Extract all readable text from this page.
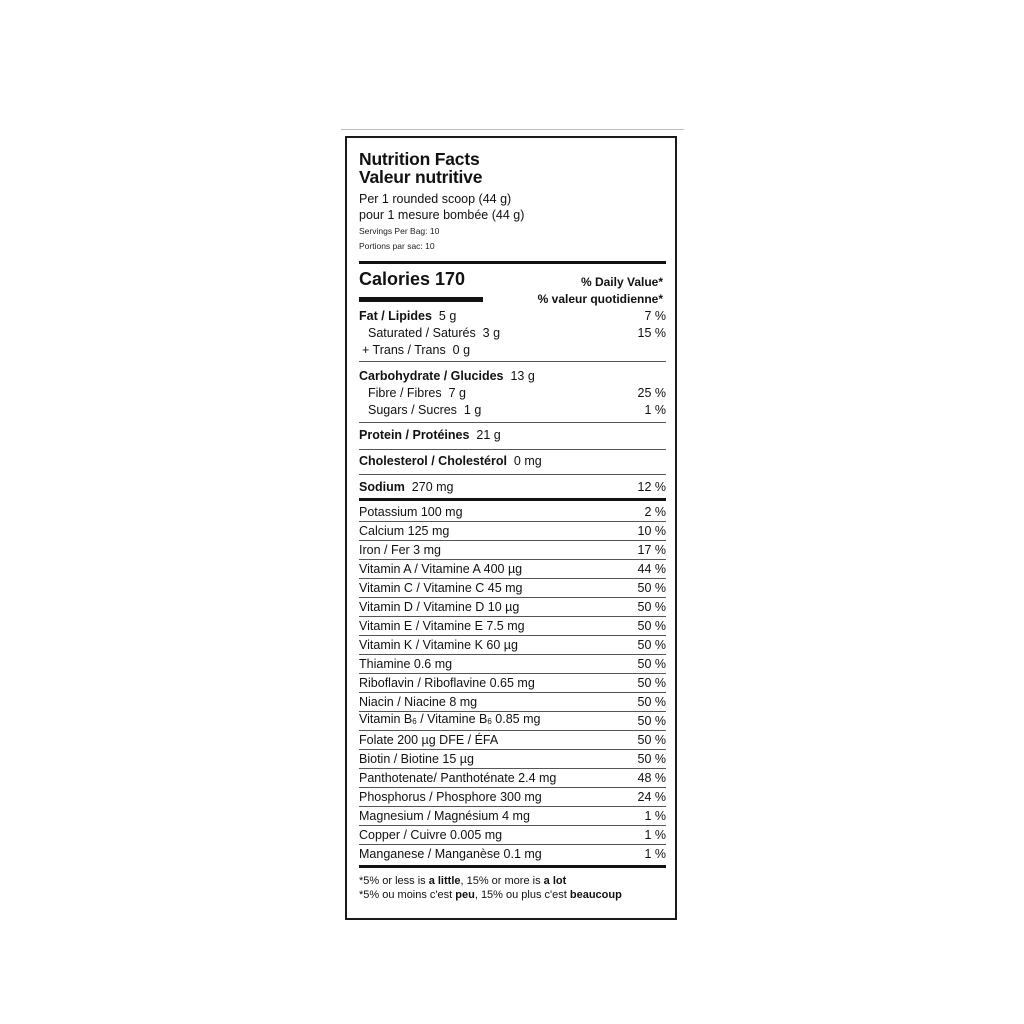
Nutrition Facts
Valeur nutritive
Per 1 rounded scoop (44 g)
pour 1 mesure bombée (44 g)
Servings Per Bag: 10
Portions par sac: 10
Calories 170	% Daily Value*
% valeur quotidienne*
Fat / Lipides 5 g	7 %
Saturated / Saturés 3 g	15 %
+ Trans / Trans 0 g
Carbohydrate / Glucides 13 g
Fibre / Fibres 7 g	25 %
Sugars / Sucres 1 g	1 %
Protein / Protéines 21 g
Cholesterol / Cholestérol 0 mg
Sodium 270 mg	12 %
Potassium 100 mg	2 %
Calcium 125 mg	10 %
Iron / Fer 3 mg	17 %
Vitamin A / Vitamine A 400 µg	44 %
Vitamin C / Vitamine C 45 mg	50 %
Vitamin D / Vitamine D 10 µg	50 %
Vitamin E / Vitamine E 7.5 mg	50 %
Vitamin K / Vitamine K 60 µg	50 %
Thiamine 0.6 mg	50 %
Riboflavin / Riboflavine 0.65 mg	50 %
Niacin / Niacine 8 mg	50 %
Vitamin B6 / Vitamine B6 0.85 mg	50 %
Folate 200 µg DFE / ÉFA	50 %
Biotin / Biotine 15 µg	50 %
Panthotenate/ Panthoténate 2.4 mg	48 %
Phosphorus / Phosphore 300 mg	24 %
Magnesium / Magnésium 4 mg	1 %
Copper / Cuivre 0.005 mg	1 %
Manganese / Manganèse 0.1 mg	1 %
*5% or less is a little, 15% or more is a lot
*5% ou moins c'est peu, 15% ou plus c'est beaucoup
